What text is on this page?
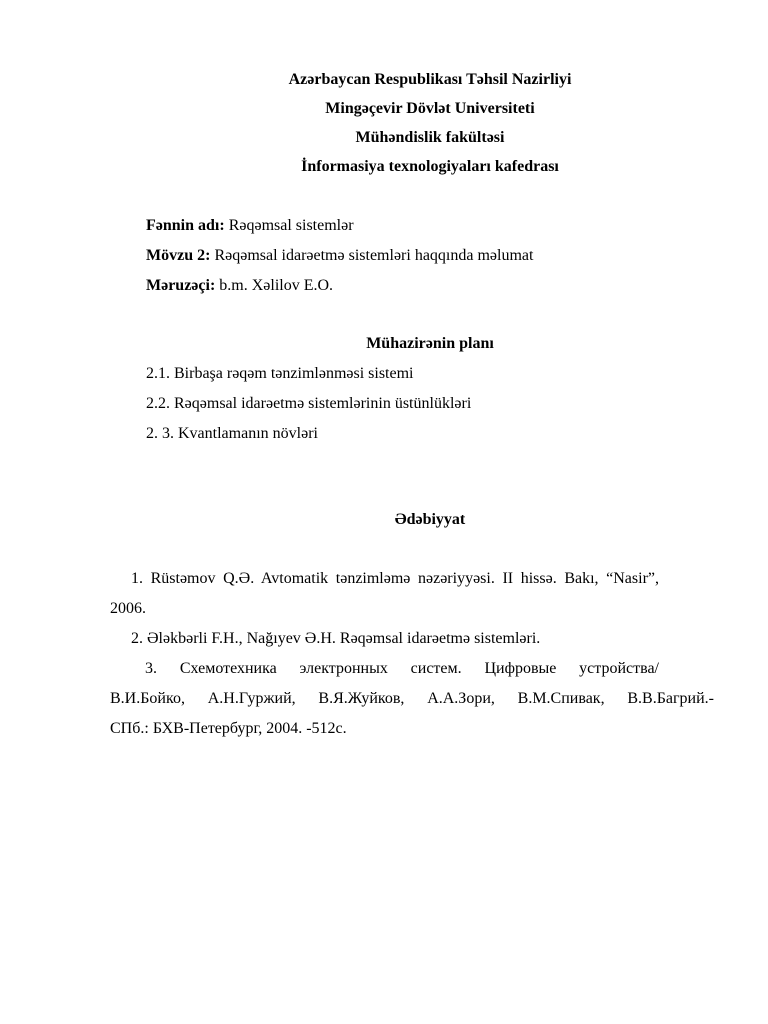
Azərbaycan Respublikası Təhsil Nazirliyi
Mingəçevir Dövlət Universiteti
Mühəndislik fakültəsi
İnformasiya texnologiyaları kafedrası
Fənnin adı: Rəqəmsal sistemlər
Mövzu 2: Rəqəmsal idarəetmə sistemləri haqqında məlumat
Məruzəçi: b.m. Xəlilov E.O.
Mühazirənin planı
2.1. Birbaşa rəqəm tənzimlənməsi sistemi
2.2. Rəqəmsal idarəetmə sistemlərinin üstünlükləri
2. 3. Kvantlamanın növləri
Ədəbiyyat
1. Rüstəmov Q.Ə. Avtomatik tənzimləmə nəzəriyyəsi. II hissə. Bakı, “Nasir”,
2006.
2. Ələkbərli F.H., Nağıyev Ə.H. Rəqəmsal idarəetmə sistemləri.
3. Схемотехника электронных систем. Цифровые устройства/
В.И.Бойко, А.Н.Гуржий, В.Я.Жуйков, А.А.Зори, В.М.Спивак, В.В.Багрий.-
СПб.: БХВ-Петербург, 2004. -512с.
